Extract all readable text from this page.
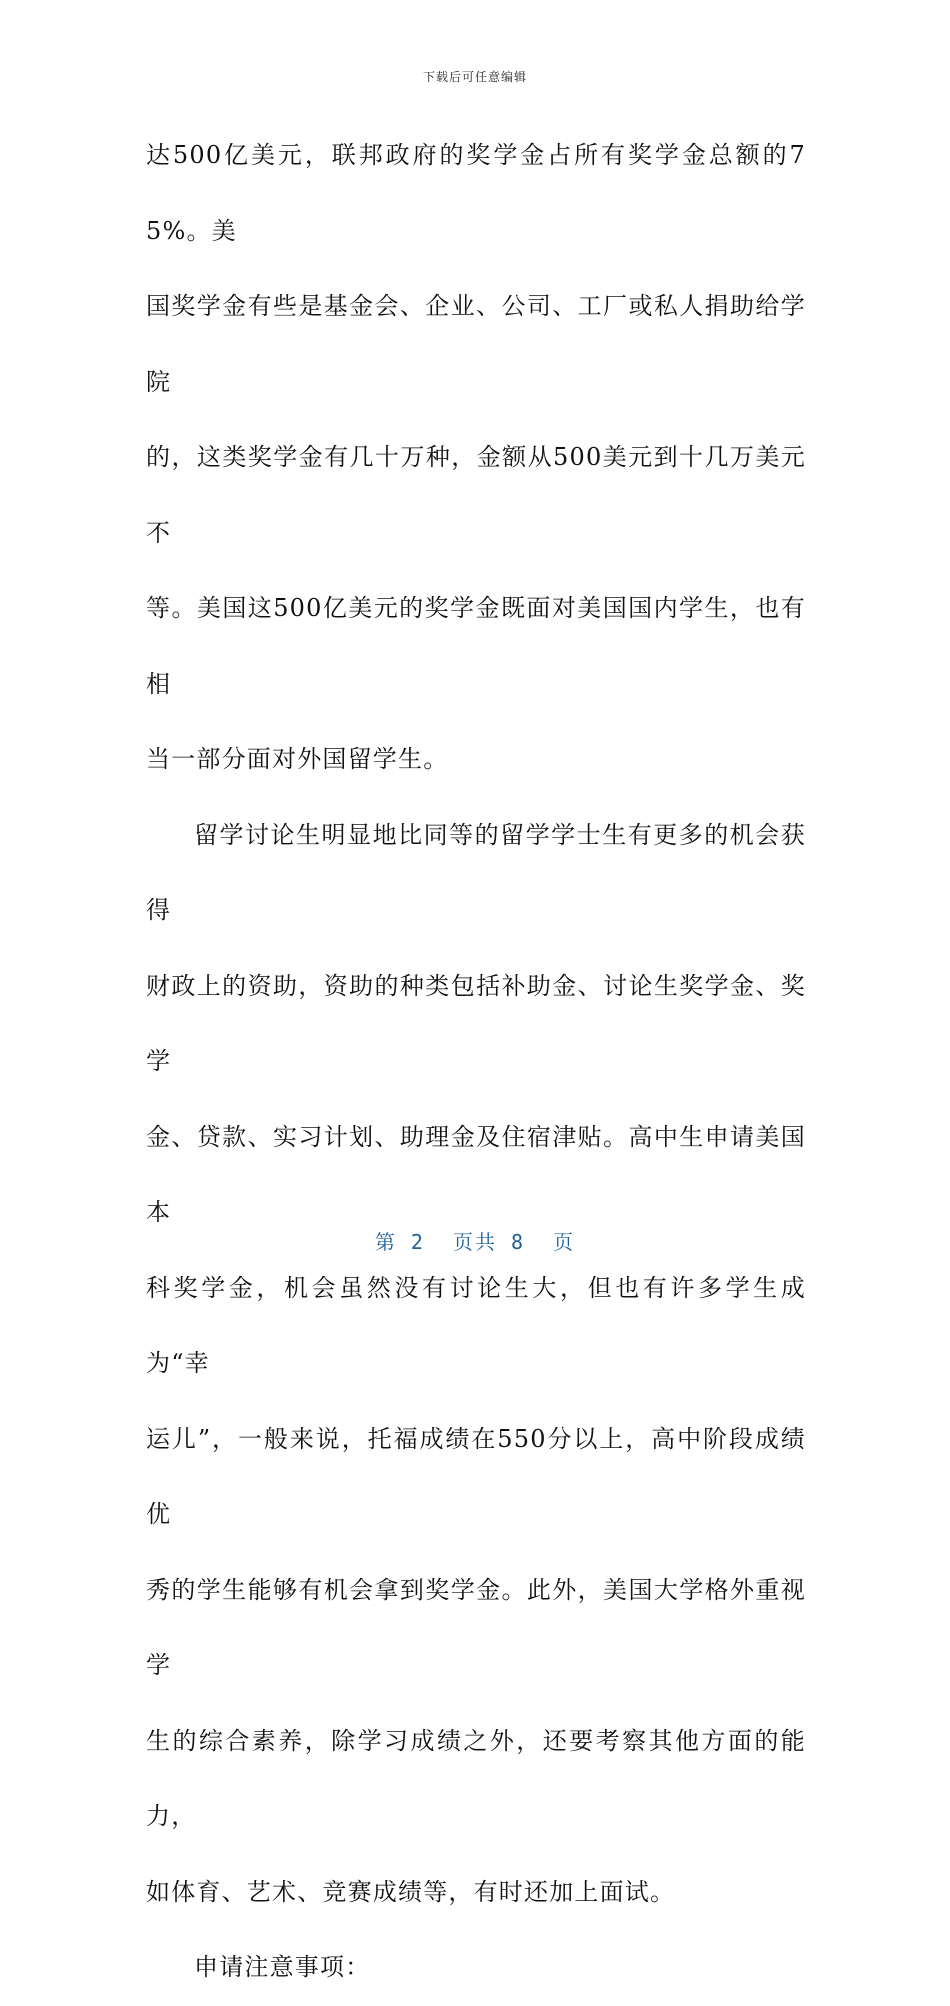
下载后可任意编辑

达500亿美元，联邦政府的奖学金占所有奖学金总额的75%。美
国奖学金有些是基金会、企业、公司、工厂或私人捐助给学院
的，这类奖学金有几十万种，金额从500美元到十几万美元不
等。美国这500亿美元的奖学金既面对美国国内学生，也有相
当一部分面对外国留学生。

留学讨论生明显地比同等的留学学士生有更多的机会获得
财政上的资助，资助的种类包括补助金、讨论生奖学金、奖学
金、贷款、实习计划、助理金及住宿津贴。高中生申请美国本
科奖学金，机会虽然没有讨论生大，但也有许多学生成为“幸
运儿”，一般来说，托福成绩在550分以上，高中阶段成绩优
秀的学生能够有机会拿到奖学金。此外，美国大学格外重视学
生的综合素养，除学习成绩之外，还要考察其他方面的能力，
如体育、艺术、竞赛成绩等，有时还加上面试。

申请注意事项：

第 2  页共 8  页
